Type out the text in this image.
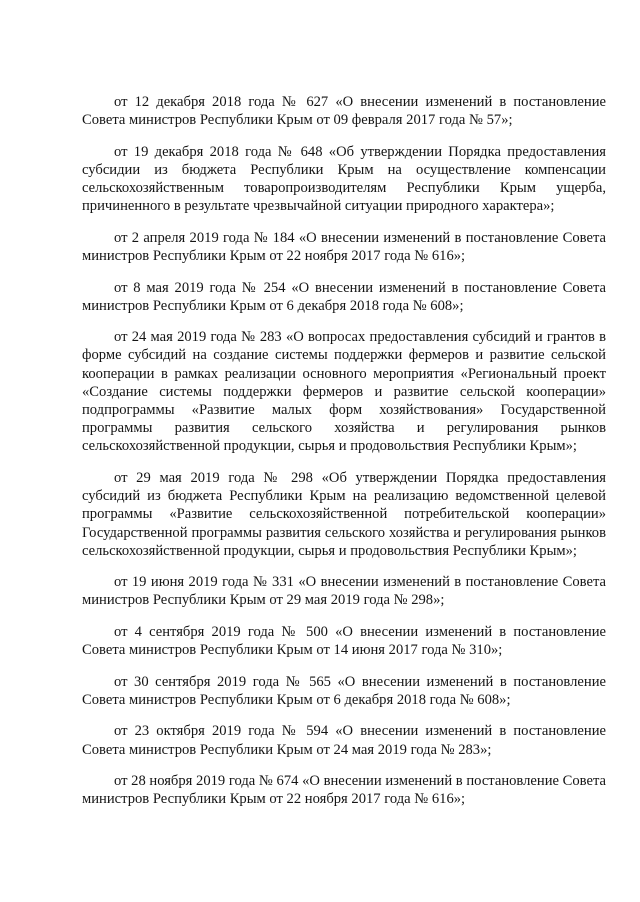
от 12 декабря 2018 года № 627 «О внесении изменений в постановление Совета министров Республики Крым от 09 февраля 2017 года № 57»;

от 19 декабря 2018 года № 648 «Об утверждении Порядка предоставления субсидии из бюджета Республики Крым на осуществление компенсации сельскохозяйственным товаропроизводителям Республики Крым ущерба, причиненного в результате чрезвычайной ситуации природного характера»;

от 2 апреля 2019 года № 184 «О внесении изменений в постановление Совета министров Республики Крым от 22 ноября 2017 года № 616»;

от 8 мая 2019 года № 254 «О внесении изменений в постановление Совета министров Республики Крым от 6 декабря 2018 года № 608»;

от 24 мая 2019 года № 283 «О вопросах предоставления субсидий и грантов в форме субсидий на создание системы поддержки фермеров и развитие сельской кооперации в рамках реализации основного мероприятия «Региональный проект «Создание системы поддержки фермеров и развитие сельской кооперации» подпрограммы «Развитие малых форм хозяйствования» Государственной программы развития сельского хозяйства и регулирования рынков сельскохозяйственной продукции, сырья и продовольствия Республики Крым»;

от 29 мая 2019 года № 298 «Об утверждении Порядка предоставления субсидий из бюджета Республики Крым на реализацию ведомственной целевой программы «Развитие сельскохозяйственной потребительской кооперации» Государственной программы развития сельского хозяйства и регулирования рынков сельскохозяйственной продукции, сырья и продовольствия Республики Крым»;

от 19 июня 2019 года № 331 «О внесении изменений в постановление Совета министров Республики Крым от 29 мая 2019 года № 298»;

от 4 сентября 2019 года № 500 «О внесении изменений в постановление Совета министров Республики Крым от 14 июня 2017 года № 310»;

от 30 сентября 2019 года № 565 «О внесении изменений в постановление Совета министров Республики Крым от 6 декабря 2018 года № 608»;

от 23 октября 2019 года № 594 «О внесении изменений в постановление Совета министров Республики Крым от 24 мая 2019 года № 283»;

от 28 ноября 2019 года № 674 «О внесении изменений в постановление Совета министров Республики Крым от 22 ноября 2017 года № 616»;
